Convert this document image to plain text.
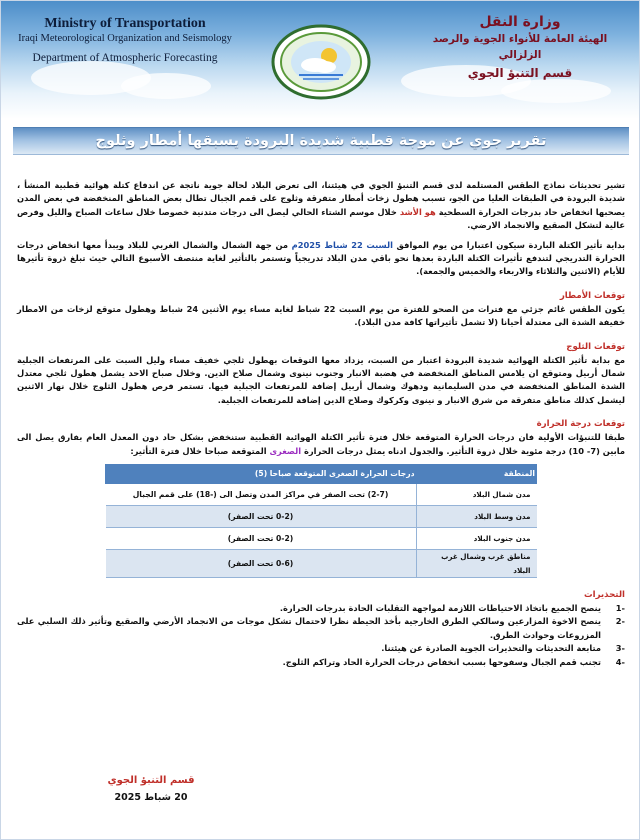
Ministry of Transportation
Iraqi Meteorological Organization and Seismology
Department of Atmospheric Forecasting
وزارة النقل
الهيئة العامة للأنواء الجوية والرصد الزلزالي
قسم التنبؤ الجوي
تقرير جوي عن موجة قطبية شديدة البرودة يسبقها أمطار وثلوج

تشير تحديثات نماذج الطقس المستلمة لدى قسم التنبؤ الجوي في هيئتنا، الى تعرض البلاد لحالة جوية ناتجة عن اندفاع كتلة هوائية قطبية المنشأ ، شديدة البرودة في الطبقات العليا من الجو، تسبب هطول زخات أمطار متفرقة وثلوج على قمم الجبال تطال بعض المناطق المنخفضة في بعض المدن يصحبها انخفاض حاد بدرجات الحرارة السطحية هو الأشد خلال موسم الشتاء الحالي ليصل الى درجات متدنية خصوصا خلال ساعات الصباح والليل وفرص عالية لتشكل الصقيع والانجماد الارضي.

بداية تأثير الكتلة الباردة سيكون اعتبارا من يوم الموافق السبت 22 شباط 2025م من جهة الشمال والشمال الغربي للبلاد ويبدأ معها انخفاض درجات الحرارة التدريجي لتندفع تأثيرات الكتلة الباردة بعدها نحو باقي مدن البلاد تدريجياً وتستمر بالتأثير لغاية منتصف الأسبوع التالي حيث تبلغ ذروة تأثيرها للأيام (الاثنين والثلاثاء والاربعاء والخميس والجمعة).

توقعات الأمطار

يكون الطقس غائم جزئي مع فترات من الصحو للفترة من يوم السبت 22 شباط لغاية مساء يوم الأثنين 24 شباط وهطول متوقع لزخات من الامطار خفيفة الشدة الى معتدلة أحيانا (لا تشمل تأثيراتها كافة مدن البلاد).

توقعات الثلوج

مع بداية تأثير الكتلة الهوائية شديدة البرودة اعتبار من السبت، يزداد معها التوقعات بهطول ثلجي خفيف مساء وليل السبت على المرتفعات الجبلية شمال أربيل ومتوقع ان يلامس المناطق المنخفضة في هضبة الانبار وجنوب نينوى وشمال صلاح الدين. وخلال صباح الاحد يشمل هطول ثلجي معتدل الشدة المناطق المنخفضة في مدن السليمانية ودهوك وشمال أربيل إضافة للمرتفعات الجبلية فيها. تستمر فرص هطول الثلوج خلال نهار الاثنين ليشمل كذلك مناطق متفرقة من شرق الانبار و نينوى وكركوك وصلاح الدين إضافة للمرتفعات الجبلية.

توقعات درجة الحرارة

طبقا للتنبؤات الأولية فان درجات الحرارة المتوقعة خلال فترة تأثير الكتلة الهوائية القطبية ستنخفض بشكل حاد دون المعدل العام بفارق يصل الى مابين (7- 10) درجة مئوية خلال ذروة التأثير. والجدول ادناه يمثل درجات الحرارة الصغرى المتوقعة صباحا خلال فترة التأثير:

المنطقة	درجات الحرارة الصغرى المتوقعة صباحا (5)
مدن شمال البلاد	(2-7) تحت الصفر في مراكز المدن وتصل الى (-18) على قمم الجبال
مدن وسط البلاد	(0-2 تحت الصفر)
مدن جنوب البلاد	(0-2 تحت الصفر)
مناطق غرب وشمال غرب البلاد	(0-6 تحت الصفر)

التحذيرات

-1
ينصح الجميع باتخاذ الاحتياطات اللازمة لمواجهة التقلبات الحادة بدرجات الحرارة.
-2
ينصح الاخوة المزارعين وسالكي الطرق الخارجية بأخذ الحيطة نظرا لاحتمال تشكل موجات من الانجماد الأرضي والصقيع وتأثير ذلك السلبي على المزروعات وحوادث الطرق.
-3
متابعة التحديثات والتحذيرات الجوية الصادرة عن هيئتنا.
-4
تجنب قمم الجبال وسفوحها بسبب انخفاض درجات الحرارة الحاد وتراكم الثلوج.
قسم التنبؤ الجوي
20 شباط 2025
